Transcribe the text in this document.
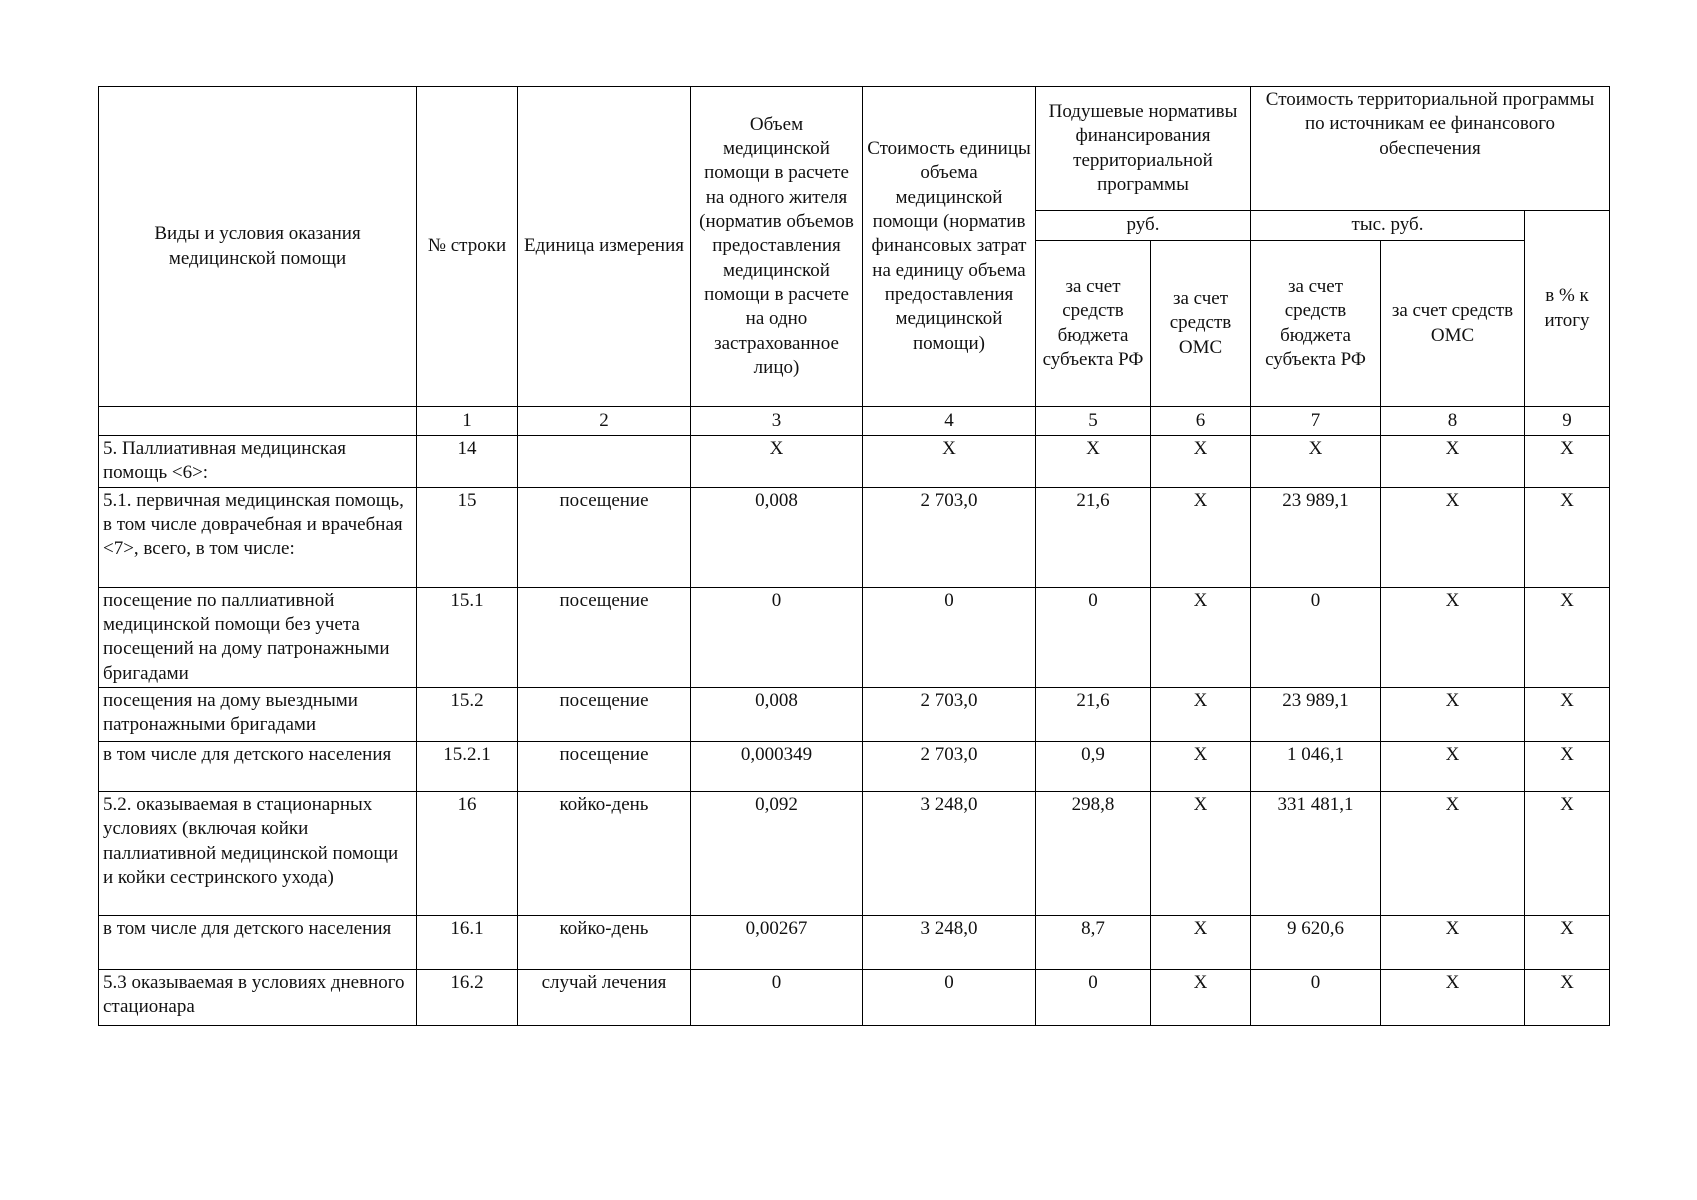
Виды и условия оказания медицинской помощи	№ строки	Единица измерения	Объем медицинской помощи в расчете на одного жителя (норматив объемов предоставления медицинской помощи в расчете на одно застрахованное лицо)	Стоимость единицы объема медицинской помощи (норматив финансовых затрат на единицу объема предоставления медицинской помощи)	Подушевые нормативы финансирования территориальной программы		Стоимость территориальной программы по источникам ее финансового обеспечения		
					руб.		тыс. руб.		в % к итогу
					за счет средств бюджета субъекта РФ	за счет средств ОМС	за счет средств бюджета субъекта РФ	за счет средств ОМС	
	1	2	3	4	5	6	7	8	9
5. Паллиативная медицинская помощь <6>:	14		X	X	X	X	X	X	X
5.1. первичная медицинская помощь, в том числе доврачебная и врачебная <7>, всего, в том числе:	15	посещение	0,008	2 703,0	21,6	X	23 989,1	X	X
посещение по паллиативной медицинской помощи без учета посещений на дому патронажными бригадами	15.1	посещение	0	0	0	X	0	X	X
посещения на дому выездными патронажными бригадами	15.2	посещение	0,008	2 703,0	21,6	X	23 989,1	X	X
в том числе для детского населения	15.2.1	посещение	0,000349	2 703,0	0,9	X	1 046,1	X	X
5.2. оказываемая в стационарных условиях (включая койки паллиативной медицинской помощи и койки сестринского ухода)	16	койко-день	0,092	3 248,0	298,8	X	331 481,1	X	X
в том числе для детского населения	16.1	койко-день	0,00267	3 248,0	8,7	X	9 620,6	X	X
5.3 оказываемая в условиях дневного стационара	16.2	случай лечения	0	0	0	X	0	X	X
